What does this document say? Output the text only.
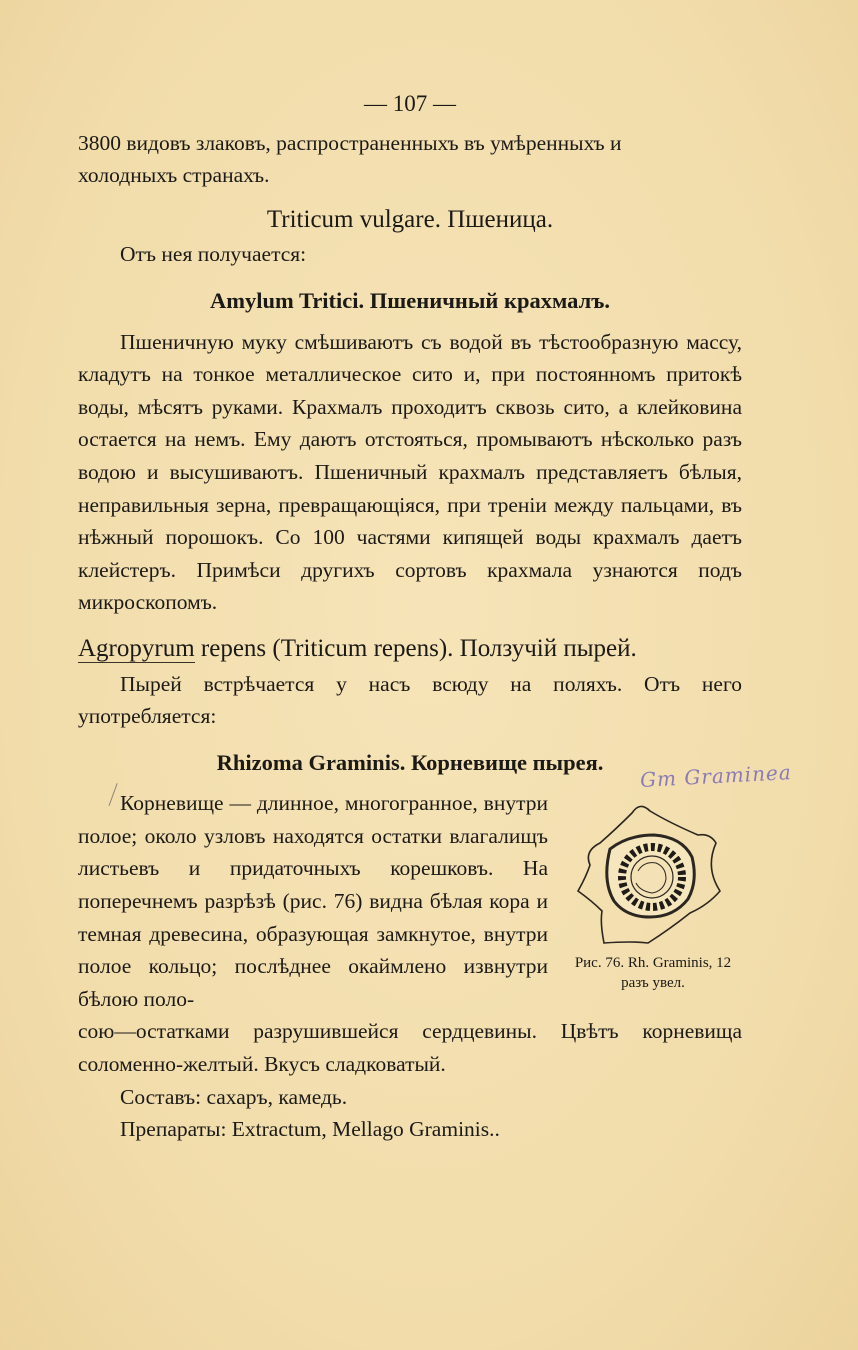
Gm Graminea
— 107 —

3800 видовъ злаковъ, распространенныхъ въ умѣренныхъ и

холодныхъ странахъ.

Triticum vulgare. Пшеница.

Отъ нея получается:

Amylum Tritici. Пшеничный крахмалъ.

Пшеничную муку смѣшиваютъ съ водой въ тѣстообразную массу, кладутъ на тонкое металлическое сито и, при постоянномъ притокѣ воды, мѣсятъ руками. Крахмалъ проходитъ сквозь сито, а клейковина остается на немъ. Ему даютъ отстояться, промываютъ нѣсколько разъ водою и высушиваютъ. Пшеничный крахмалъ представляетъ бѣлыя, неправильныя зерна, превращающіяся, при треніи между пальцами, въ нѣжный порошокъ. Со 100 частями кипящей воды крахмалъ даетъ клейстеръ. Примѣси другихъ сортовъ крахмала узнаются подъ микроскопомъ.

Agropyrum repens (Triticum repens). Ползучій пырей.

Пырей встрѣчается у насъ всюду на поляхъ. Отъ него употребляется:

Rhizoma Graminis. Корневище пырея.
Рис. 76. Rh. Graminis, 12 разъ увел.

Корневище — длинное, многогранное, внутри полое; около узловъ находятся остатки влагалищъ листьевъ и придаточныхъ корешковъ. На поперечнемъ разрѣзѣ (рис. 76) видна бѣлая кора и темная древесина, образующая замкнутое, внутри полое кольцо; послѣднее окаймлено извнутри бѣлою поло-

сою—остатками разрушившейся сердцевины. Цвѣтъ корневища соломенно-желтый. Вкусъ сладковатый.

Составъ: сахаръ, камедь.

Препараты: Extractum, Mellago Graminis..
